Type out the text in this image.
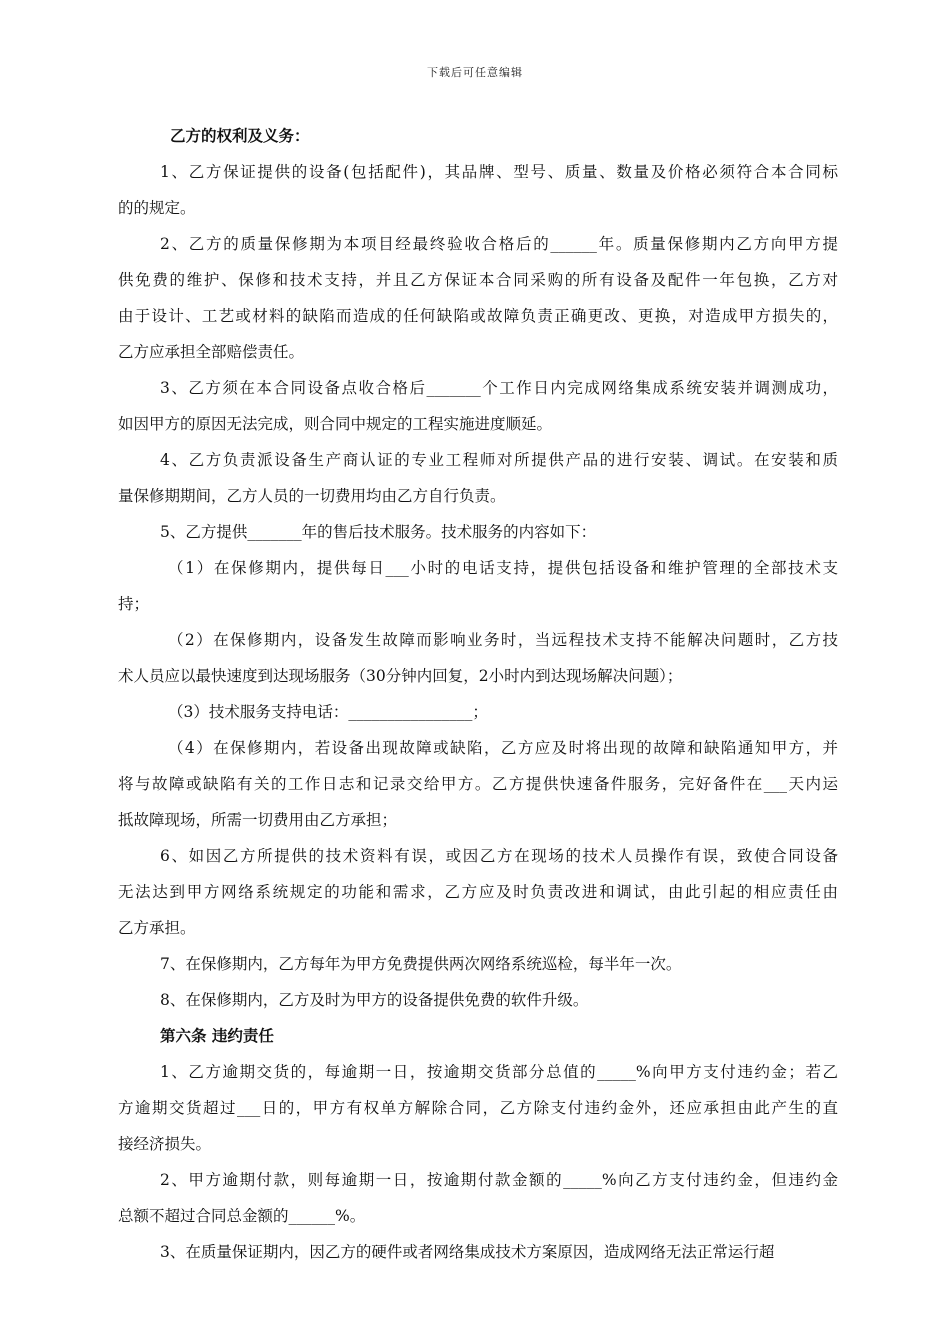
下载后可任意编辑

乙方的权利及义务：

1、乙方保证提供的设备(包括配件)，其品牌、型号、质量、数量及价格必须符合本合同标

的的规定。

2、乙方的质量保修期为本项目经最终验收合格后的______年。质量保修期内乙方向甲方提

供免费的维护、保修和技术支持，并且乙方保证本合同采购的所有设备及配件一年包换，乙方对

由于设计、工艺或材料的缺陷而造成的任何缺陷或故障负责正确更改、更换，对造成甲方损失的，

乙方应承担全部赔偿责任。

3、乙方须在本合同设备点收合格后_______个工作日内完成网络集成系统安装并调测成功，

如因甲方的原因无法完成，则合同中规定的工程实施进度顺延。

4、乙方负责派设备生产商认证的专业工程师对所提供产品的进行安装、调试。在安装和质

量保修期期间，乙方人员的一切费用均由乙方自行负责。

5、乙方提供_______年的售后技术服务。技术服务的内容如下：

（1）在保修期内，提供每日___小时的电话支持，提供包括设备和维护管理的全部技术支

持；

（2）在保修期内，设备发生故障而影响业务时，当远程技术支持不能解决问题时，乙方技

术人员应以最快速度到达现场服务（30分钟内回复，2小时内到达现场解决问题）；

（3）技术服务支持电话：________________；

（4）在保修期内，若设备出现故障或缺陷，乙方应及时将出现的故障和缺陷通知甲方，并

将与故障或缺陷有关的工作日志和记录交给甲方。乙方提供快速备件服务，完好备件在___天内运

抵故障现场，所需一切费用由乙方承担；

6、如因乙方所提供的技术资料有误，或因乙方在现场的技术人员操作有误，致使合同设备

无法达到甲方网络系统规定的功能和需求，乙方应及时负责改进和调试，由此引起的相应责任由

乙方承担。

7、在保修期内，乙方每年为甲方免费提供两次网络系统巡检，每半年一次。

8、在保修期内，乙方及时为甲方的设备提供免费的软件升级。

第六条 违约责任

1、乙方逾期交货的，每逾期一日，按逾期交货部分总值的_____%向甲方支付违约金；若乙

方逾期交货超过___日的，甲方有权单方解除合同，乙方除支付违约金外，还应承担由此产生的直

接经济损失。

2、甲方逾期付款，则每逾期一日，按逾期付款金额的_____%向乙方支付违约金，但违约金

总额不超过合同总金额的______%。

3、在质量保证期内，因乙方的硬件或者网络集成技术方案原因，造成网络无法正常运行超
